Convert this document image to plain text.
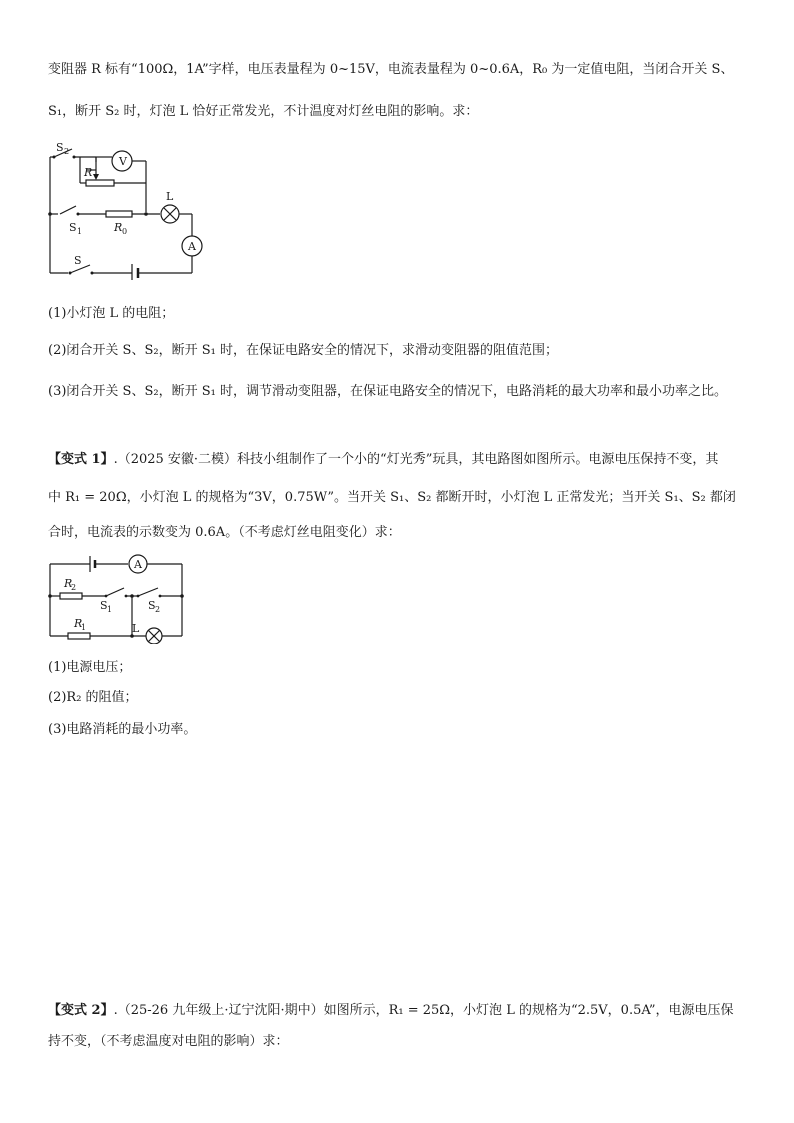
变阻器 R 标有“100Ω，1A”字样，电压表量程为 0~15V，电流表量程为 0~0.6A，R₀ 为一定值电阻，当闭合开关 S、
S₁，断开 S₂ 时，灯泡 L 恰好正常发光，不计温度对灯丝电阻的影响。求：
S 2
V
R
L
S 1	R 0
A
S
(1)小灯泡 L 的电阻；
(2)闭合开关 S、S₂，断开 S₁ 时，在保证电路安全的情况下，求滑动变阻器的阻值范围；
(3)闭合开关 S、S₂，断开 S₁ 时，调节滑动变阻器，在保证电路安全的情况下，电路消耗的最大功率和最小功率之比。
【变式 1】.（2025 安徽·二模）科技小组制作了一个小的“灯光秀”玩具，其电路图如图所示。电源电压保持不变，其
中 R₁ = 20Ω，小灯泡 L 的规格为“3V，0.75W”。当开关 S₁、S₂ 都断开时，小灯泡 L 正常发光；当开关 S₁、S₂ 都闭
合时，电流表的示数变为 0.6A。（不考虑灯丝电阻变化）求：
A
R
2
S 1	S 2
R
1	L
(1)电源电压；
(2)R₂ 的阻值；
(3)电路消耗的最小功率。
【变式 2】.（25-26 九年级上·辽宁沈阳·期中）如图所示，R₁ = 25Ω，小灯泡 L 的规格为“2.5V，0.5A”，电源电压保
持不变，（不考虑温度对电阻的影响）求：
